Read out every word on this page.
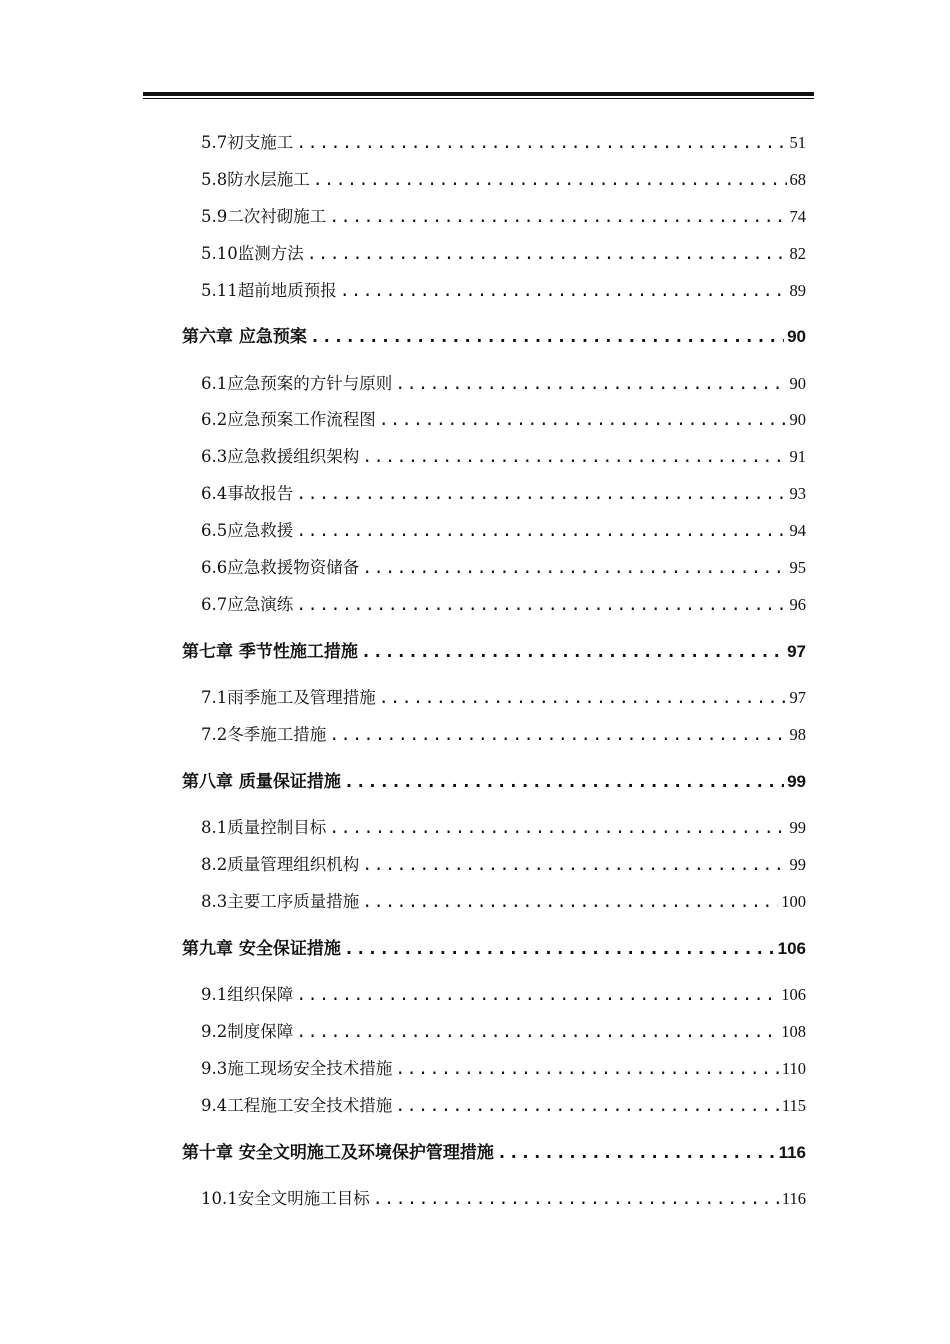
5.7初支施工 .....	51
5.8防水层施工 .....	68
5.9二次衬砌施工 .....	74
5.10监测方法 .....	82
5.11超前地质预报 .....	89
第六章 应急预案 .....	90
6.1应急预案的方针与原则 .....	90
6.2应急预案工作流程图 .....	90
6.3应急救援组织架构 .....	91
6.4事故报告 .....	93
6.5应急救援 .....	94
6.6应急救援物资储备 .....	95
6.7应急演练 .....	96
第七章 季节性施工措施 .....	97
7.1雨季施工及管理措施 .....	97
7.2冬季施工措施 .....	98
第八章 质量保证措施 .....	99
8.1质量控制目标 .....	99
8.2质量管理组织机构 .....	99
8.3主要工序质量措施 .....	100
第九章 安全保证措施 .....	106
9.1组织保障 .....	106
9.2制度保障 .....	108
9.3施工现场安全技术措施 .....	110
9.4工程施工安全技术措施 .....	115
第十章 安全文明施工及环境保护管理措施 .....	116
10.1安全文明施工目标 .....	116
